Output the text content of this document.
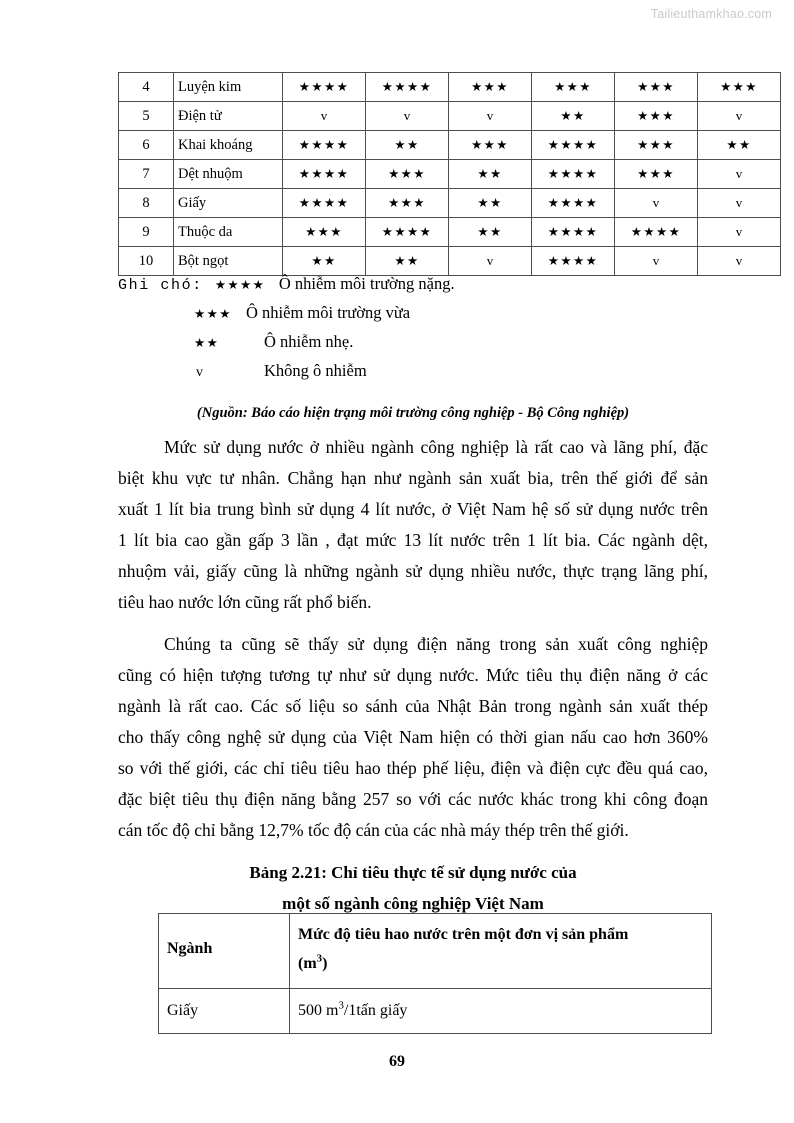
Tailieuthamkhao.com
4	Luyện kim	★★★★	★★★★	★★★	★★★	★★★	★★★
5	Điện tử	v	v	v	★★	★★★	v
6	Khai khoáng	★★★★	★★	★★★	★★★★	★★★	★★
7	Dệt nhuộm	★★★★	★★★	★★	★★★★	★★★	v
8	Giấy	★★★★	★★★	★★	★★★★	v	v
9	Thuộc da	★★★	★★★★	★★	★★★★	★★★★	v
10	Bột ngọt	★★	★★	v	★★★★	v	v
Ghi chó: ★★★★ Ô nhiễm môi trường nặng.
★★★ Ô nhiễm môi trường vừa
★★	Ô nhiễm nhẹ.
v	Không ô nhiễm
(Nguồn: Báo cáo hiện trạng môi trường công nghiệp - Bộ Công nghiệp)
Mức sử dụng nước ở nhiều ngành công nghiệp là rất cao và lãng phí, đặc
biệt khu vực tư nhân. Chẳng hạn như ngành sản xuất bia, trên thế giới để sản
xuất 1 lít bia trung bình sử dụng 4 lít nước, ở Việt Nam hệ số sử dụng nước trên
1 lít bia cao gần gấp 3 lần , đạt mức 13 lít nước trên 1 lít bia. Các ngành dệt,
nhuộm vải, giấy cũng là những ngành sử dụng nhiều nước, thực trạng lãng phí,
tiêu hao nước lớn cũng rất phổ biến.
Chúng ta cũng sẽ thấy sử dụng điện năng trong sản xuất công nghiệp
cũng có hiện tượng tương tự như sử dụng nước. Mức tiêu thụ điện năng ở các
ngành là rất cao. Các số liệu so sánh của Nhật Bản trong ngành sản xuất thép
cho thấy công nghệ sử dụng của Việt Nam hiện có thời gian nấu cao hơn 360%
so với thế giới, các chỉ tiêu tiêu hao thép phế liệu, điện và điện cực đều quá cao,
đặc biệt tiêu thụ điện năng bằng 257 so với các nước khác trong khi công đoạn
cán tốc độ chỉ bằng 12,7% tốc độ cán của các nhà máy thép trên thế giới.
Bảng 2.21: Chỉ tiêu thực tế sử dụng nước của
một số ngành công nghiệp Việt Nam
Ngành	Mức độ tiêu hao nước trên một đơn vị sản phẩm
$(m^3)$
Giấy	500 $m^3/1tấn$ giấy
69
